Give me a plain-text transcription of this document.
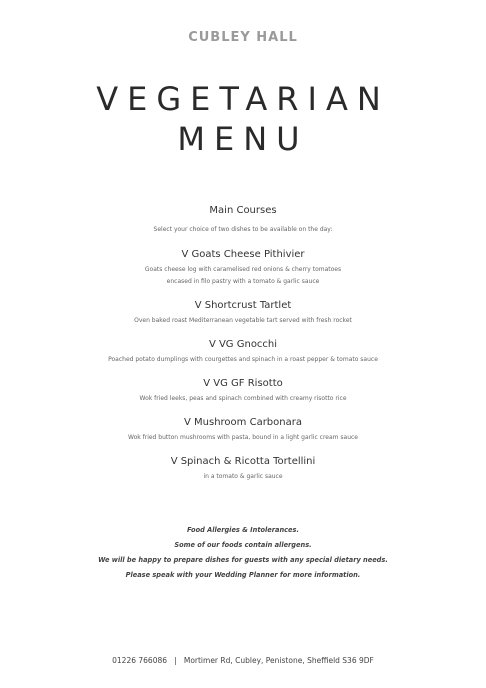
CUBLEY HALL
VEGETARIAN
MENU
Main Courses
Select your choice of two dishes to be available on the day:
V Goats Cheese Pithivier
Goats cheese log with caramelised red onions & cherry tomatoes
encased in filo pastry with a tomato & garlic sauce
V Shortcrust Tartlet
Oven baked roast Mediterranean vegetable tart served with fresh rocket
V VG Gnocchi
Poached potato dumplings with courgettes and spinach in a roast pepper & tomato sauce
V VG GF Risotto
Wok fried leeks, peas and spinach combined with creamy risotto rice
V Mushroom Carbonara
Wok fried button mushrooms with pasta, bound in a light garlic cream sauce
V Spinach & Ricotta Tortellini
in a tomato & garlic sauce
Food Allergies & Intolerances.
Some of our foods contain allergens.
We will be happy to prepare dishes for guests with any special dietary needs.
Please speak with your Wedding Planner for more information.
01226 766086   |   Mortimer Rd, Cubley, Penistone, Sheffield S36 9DF
